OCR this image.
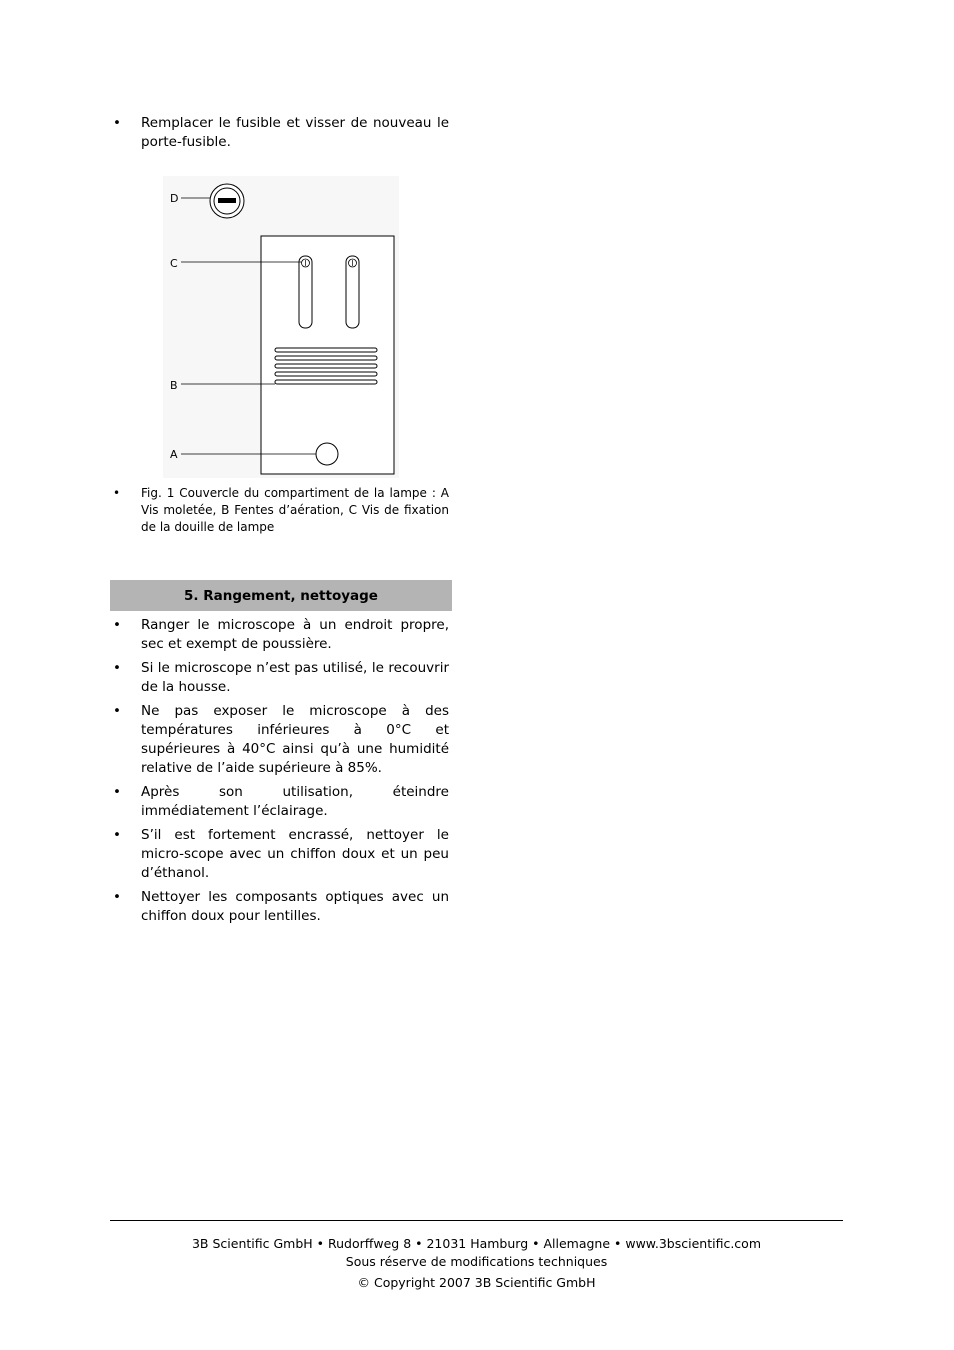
• Remplacer le fusible et visser de nouveau le porte-fusible.
D
C
B
A
• Fig. 1 Couvercle du compartiment de la lampe : A Vis moletée, B Fentes d’aération, C Vis de fixation de la douille de lampe
5. Rangement, nettoyage
• Ranger le microscope à un endroit propre, sec et exempt de poussière.
• Si le microscope n’est pas utilisé, le recouvrir de la housse.
• Ne pas exposer le microscope à des températures inférieures à 0°C et supérieures à 40°C ainsi qu’à une humidité relative de l’aide supérieure à 85%.
• Après son utilisation, éteindre immédiatement l’éclairage.
• S’il est fortement encrassé, nettoyer le micro-scope avec un chiffon doux et un peu d’éthanol.
• Nettoyer les composants optiques avec un chiffon doux pour lentilles.
3B Scientific GmbH • Rudorffweg 8 • 21031 Hamburg • Allemagne • www.3bscientific.com
Sous réserve de modifications techniques
© Copyright 2007 3B Scientific GmbH
